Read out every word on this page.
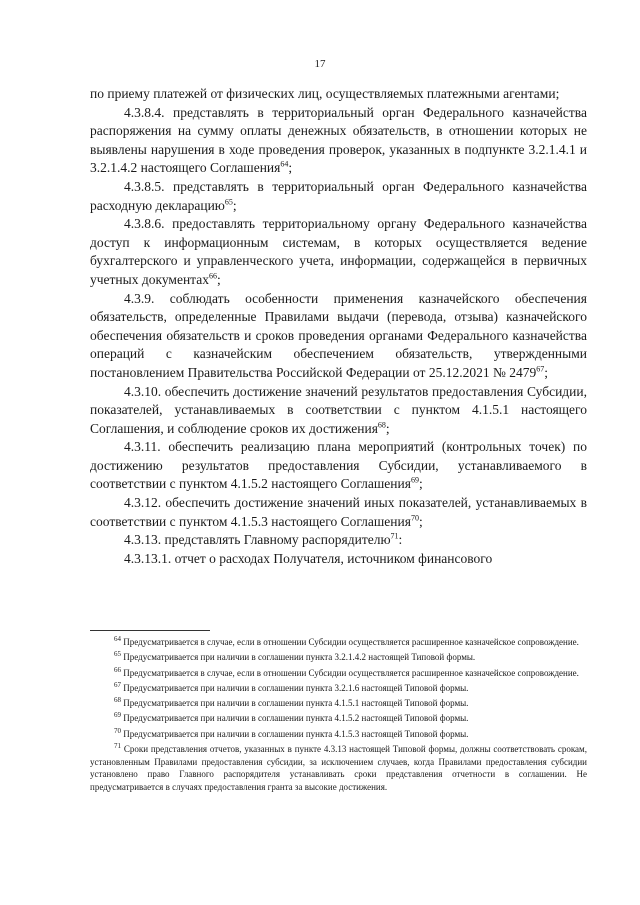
17

по приему платежей от физических лиц, осуществляемых платежными агентами;

4.3.8.4. представлять в территориальный орган Федерального казначейства распоряжения на сумму оплаты денежных обязательств, в отношении которых не выявлены нарушения в ходе проведения проверок, указанных в подпункте 3.2.1.4.1 и 3.2.1.4.2 настоящего Соглашения$^{64}$;

4.3.8.5. представлять в территориальный орган Федерального казначейства расходную декларацию$^{65}$;

4.3.8.6. предоставлять территориальному органу Федерального казначейства доступ к информационным системам, в которых осуществляется ведение бухгалтерского и управленческого учета, информации, содержащейся в первичных учетных документах$^{66}$;

4.3.9. соблюдать особенности применения казначейского обеспечения обязательств, определенные Правилами выдачи (перевода, отзыва) казначейского обеспечения обязательств и сроков проведения органами Федерального казначейства операций с казначейским обеспечением обязательств, утвержденными постановлением Правительства Российской Федерации от 25.12.2021 № 2479$^{67}$;

4.3.10. обеспечить достижение значений результатов предоставления Субсидии, показателей, устанавливаемых в соответствии с пунктом 4.1.5.1 настоящего Соглашения, и соблюдение сроков их достижения$^{68}$;

4.3.11. обеспечить реализацию плана мероприятий (контрольных точек) по достижению результатов предоставления Субсидии, устанавливаемого в соответствии с пунктом 4.1.5.2 настоящего Соглашения$^{69}$;

4.3.12. обеспечить достижение значений иных показателей, устанавливаемых в соответствии с пунктом 4.1.5.3 настоящего Соглашения$^{70}$;

4.3.13. представлять Главному распорядителю$^{71}$:

4.3.13.1. отчет о расходах Получателя, источником финансового

$^{64}$ Предусматривается в случае, если в отношении Субсидии осуществляется расширенное казначейское сопровождение.

$^{65}$ Предусматривается при наличии в соглашении пункта 3.2.1.4.2 настоящей Типовой формы.

$^{66}$ Предусматривается в случае, если в отношении Субсидии осуществляется расширенное казначейское сопровождение.

$^{67}$ Предусматривается при наличии в соглашении пункта 3.2.1.6 настоящей Типовой формы.

$^{68}$ Предусматривается при наличии в соглашении пункта 4.1.5.1 настоящей Типовой формы.

$^{69}$ Предусматривается при наличии в соглашении пункта 4.1.5.2 настоящей Типовой формы.

$^{70}$ Предусматривается при наличии в соглашении пункта 4.1.5.3 настоящей Типовой формы.

$^{71}$ Сроки представления отчетов, указанных в пункте 4.3.13 настоящей Типовой формы, должны соответствовать срокам, установленным Правилами предоставления субсидии, за исключением случаев, когда Правилами предоставления субсидии установлено право Главного распорядителя устанавливать сроки представления отчетности в соглашении. Не предусматривается в случаях предоставления гранта за высокие достижения.
